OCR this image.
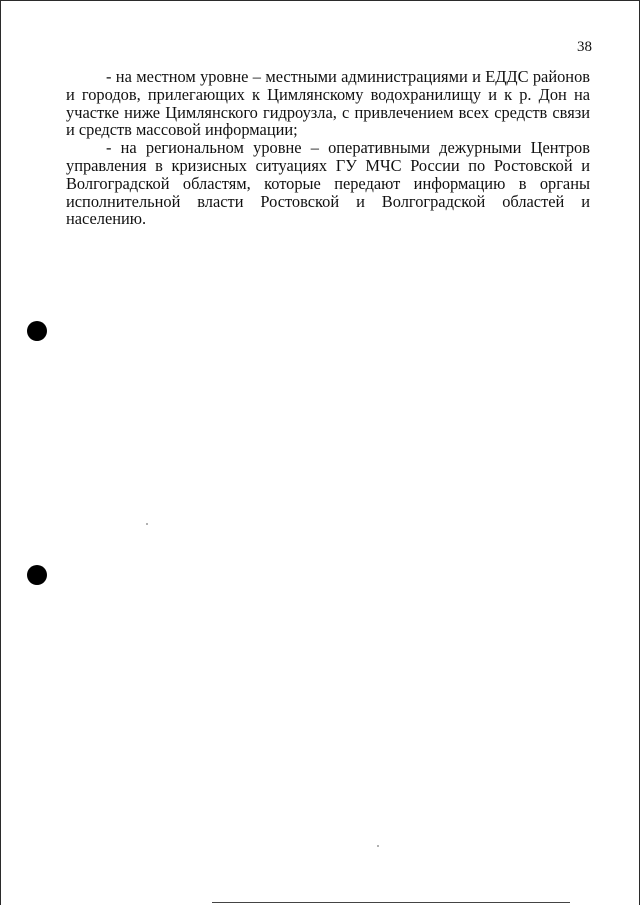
38

- на местном уровне – местными администрациями и ЕДДС районов и городов, прилегающих к Цимлянскому водохранилищу и к р. Дон на участке ниже Цимлянского гидроузла, с привлечением всех средств связи и средств массовой информации;

- на региональном уровне – оперативными дежурными Центров управления в кризисных ситуациях ГУ МЧС России по Ростовской и Волгоградской областям, которые передают информацию в органы исполнительной власти Ростовской и Волгоградской областей и населению.
